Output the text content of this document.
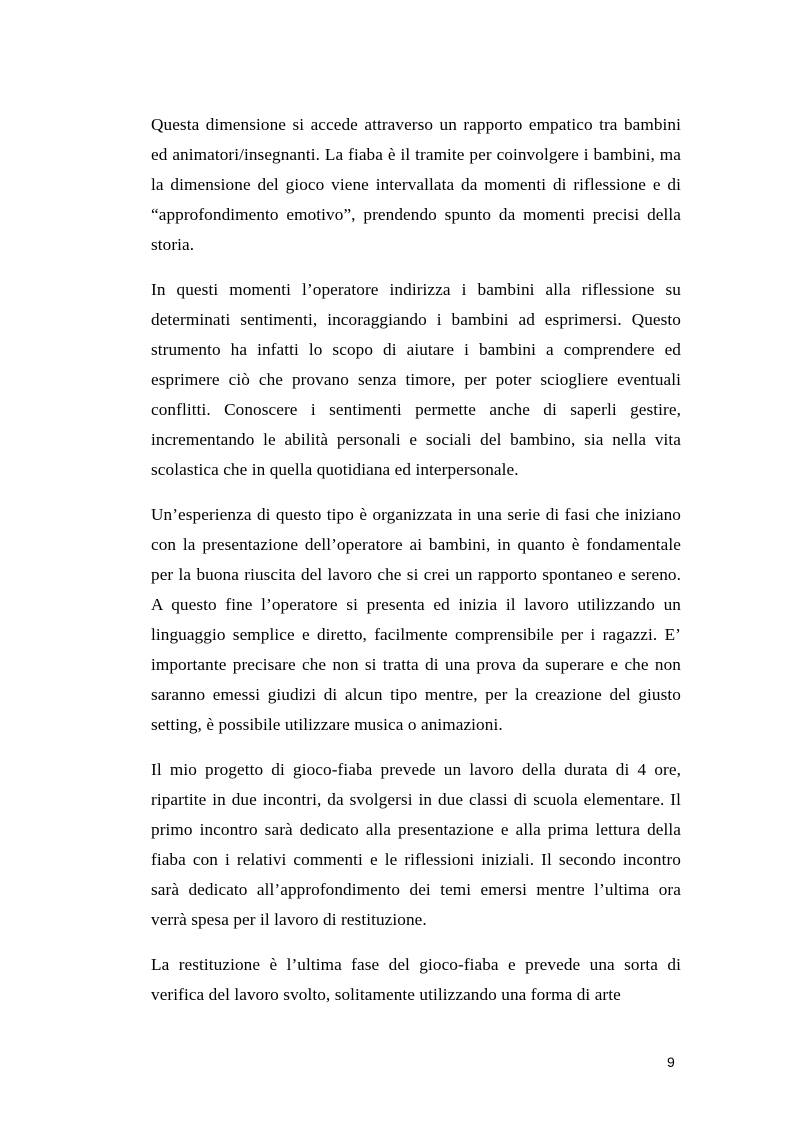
Questa dimensione si accede attraverso un rapporto empatico tra bambini ed animatori/insegnanti. La fiaba è il tramite per coinvolgere i bambini, ma la dimensione del gioco viene intervallata da momenti di riflessione e di “approfondimento emotivo”, prendendo spunto da momenti precisi della storia.

In questi momenti l’operatore indirizza i bambini alla riflessione su determinati sentimenti, incoraggiando i bambini ad esprimersi. Questo strumento ha infatti lo scopo di aiutare i bambini a comprendere ed esprimere ciò che provano senza timore, per poter sciogliere eventuali conflitti. Conoscere i sentimenti permette anche di saperli gestire, incrementando le abilità personali e sociali del bambino, sia nella vita scolastica che in quella quotidiana ed interpersonale.

Un’esperienza di questo tipo è organizzata in una serie di fasi che iniziano con la presentazione dell’operatore ai bambini, in quanto è fondamentale per la buona riuscita del lavoro che si crei un rapporto spontaneo e sereno. A questo fine l’operatore si presenta ed inizia il lavoro utilizzando un linguaggio semplice e diretto, facilmente comprensibile per i ragazzi. E’ importante precisare che non si tratta di una prova da superare e che non saranno emessi giudizi di alcun tipo mentre, per la creazione del giusto setting, è possibile utilizzare musica o animazioni.

Il mio progetto di gioco-fiaba prevede un lavoro della durata di 4 ore, ripartite in due incontri, da svolgersi in due classi di scuola elementare. Il primo incontro sarà dedicato alla presentazione e alla prima lettura della fiaba con i relativi commenti e le riflessioni iniziali. Il secondo incontro sarà dedicato all’approfondimento dei temi emersi mentre l’ultima ora verrà spesa per il lavoro di restituzione.

La restituzione è l’ultima fase del gioco-fiaba e prevede una sorta di verifica del lavoro svolto, solitamente utilizzando una forma di arte

9
